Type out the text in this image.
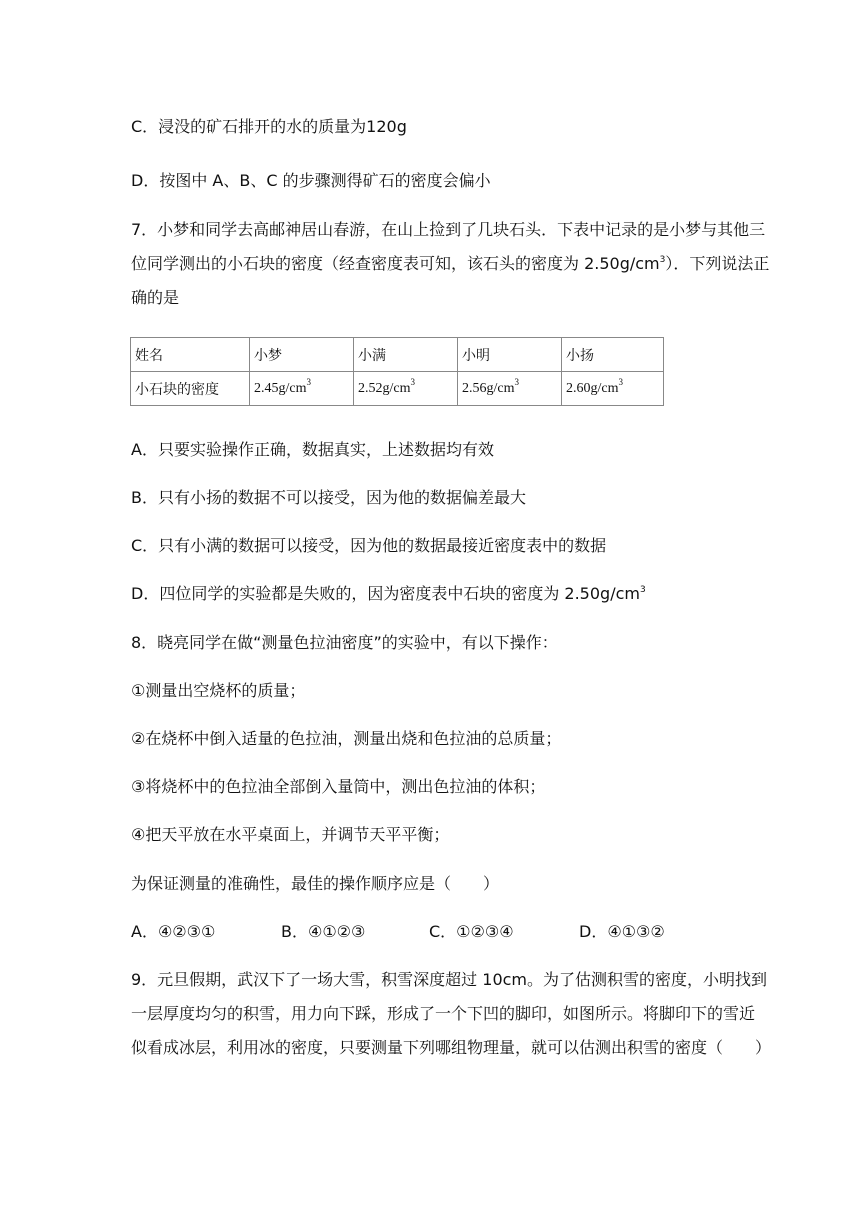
C．浸没的矿石排开的水的质量为120g
D．按图中 A、B、C 的步骤测得矿石的密度会偏小
7．小梦和同学去高邮神居山春游，在山上捡到了几块石头．下表中记录的是小梦与其他三
位同学测出的小石块的密度（经查密度表可知，该石头的密度为 $2.50g/cm^3$）．下列说法正
确的是
姓名	小梦	小满	小明	小扬
小石块的密度	$2.45g/cm^3$	$2.52g/cm^3$	$2.56g/cm^3$	$2.60g/cm^3$
A．只要实验操作正确，数据真实，上述数据均有效
B．只有小扬的数据不可以接受，因为他的数据偏差最大
C．只有小满的数据可以接受，因为他的数据最接近密度表中的数据
D．四位同学的实验都是失败的，因为密度表中石块的密度为 $2.50g/cm^3$
8．晓亮同学在做“测量色拉油密度”的实验中，有以下操作：
①测量出空烧杯的质量；
②在烧杯中倒入适量的色拉油，测量出烧和色拉油的总质量；
③将烧杯中的色拉油全部倒入量筒中，测出色拉油的体积；
④把天平放在水平桌面上，并调节天平平衡；
为保证测量的准确性，最佳的操作顺序应是（　　）
A．④②③①	B．④①②③	C．①②③④	D．④①③②
9．元旦假期，武汉下了一场大雪，积雪深度超过 10cm。为了估测积雪的密度，小明找到
一层厚度均匀的积雪，用力向下踩，形成了一个下凹的脚印，如图所示。将脚印下的雪近
似看成冰层，利用冰的密度，只要测量下列哪组物理量，就可以估测出积雪的密度（　　）
